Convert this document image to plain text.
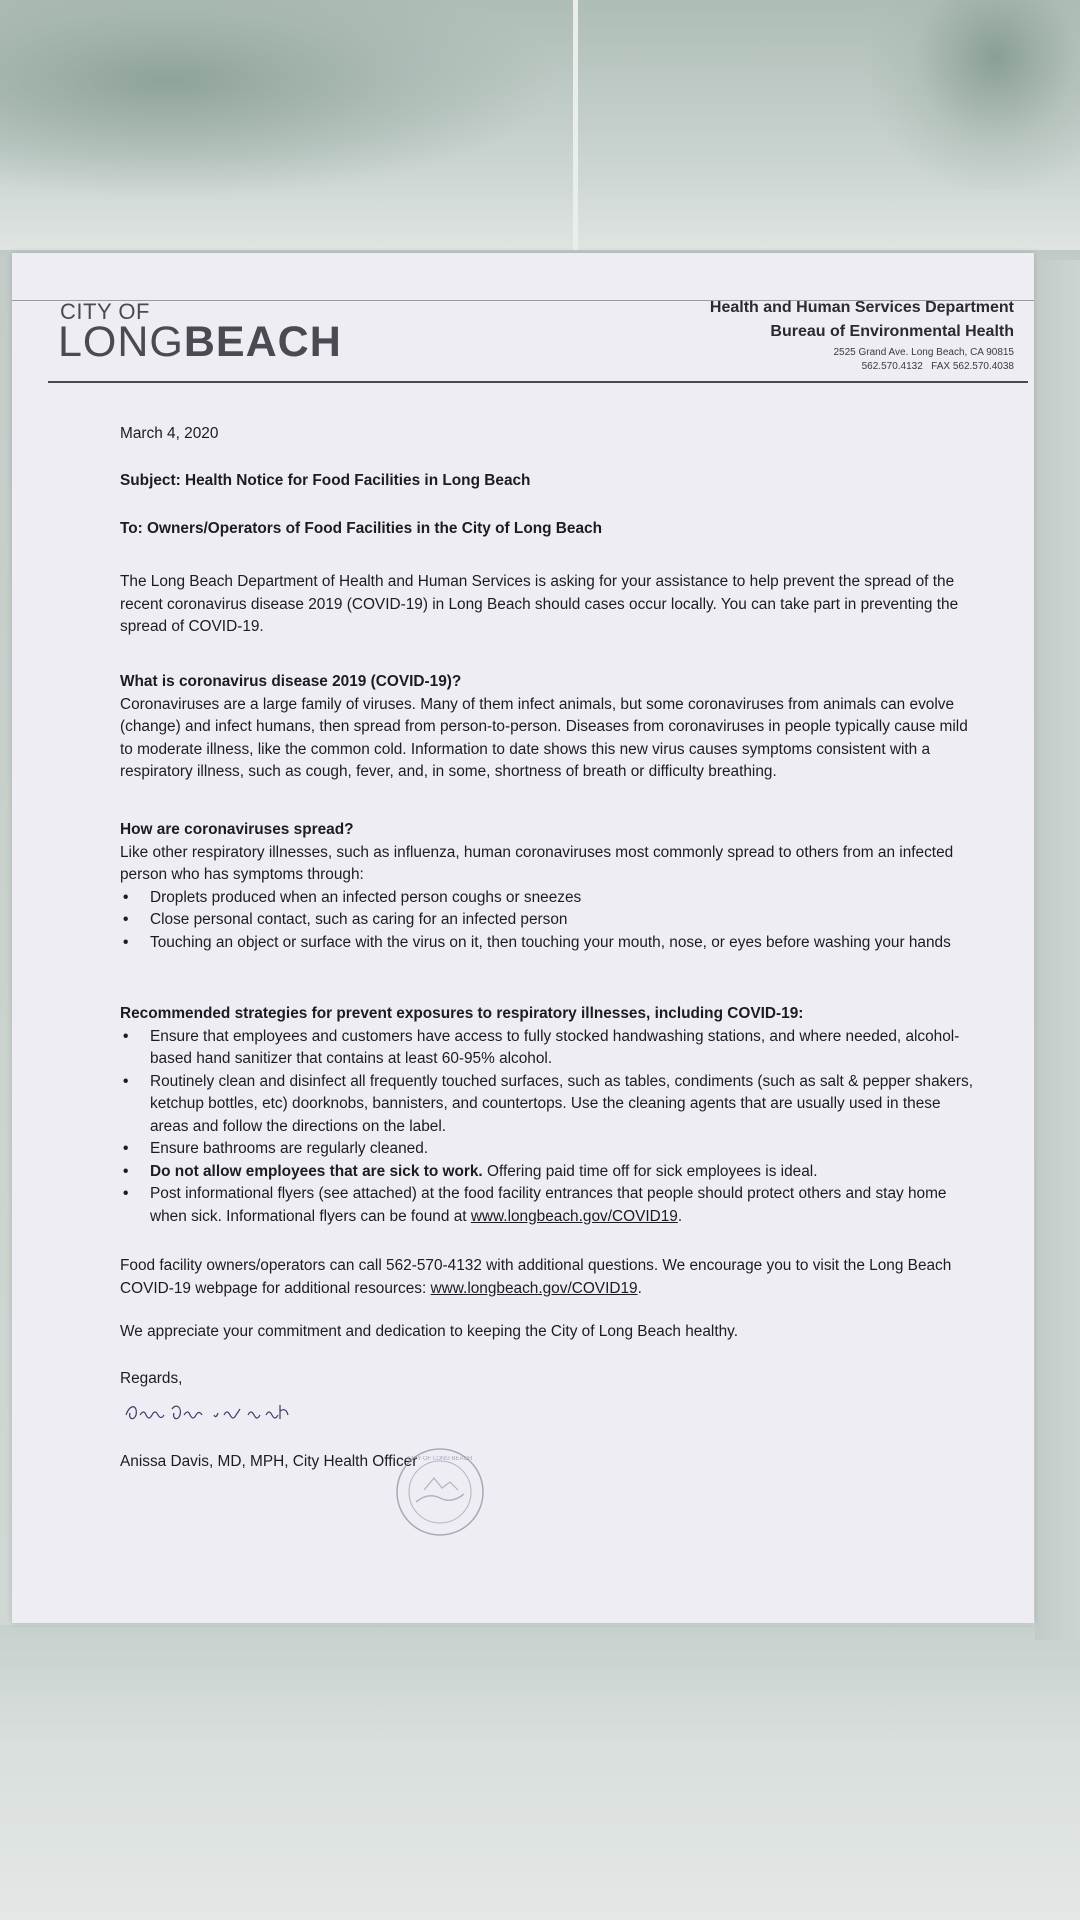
CITY OF
LONGBEACH
Health and Human Services Department
Bureau of Environmental Health
2525 Grand Ave. Long Beach, CA 90815
562.570.4132 FAX 562.570.4038
March 4, 2020
Subject: Health Notice for Food Facilities in Long Beach
To: Owners/Operators of Food Facilities in the City of Long Beach

The Long Beach Department of Health and Human Services is asking for your assistance to help prevent the spread of the recent coronavirus disease 2019 (COVID-19) in Long Beach should cases occur locally. You can take part in preventing the spread of COVID-19.

What is coronavirus disease 2019 (COVID-19)?

Coronaviruses are a large family of viruses. Many of them infect animals, but some coronaviruses from animals can evolve (change) and infect humans, then spread from person-to-person. Diseases from coronaviruses in people typically cause mild to moderate illness, like the common cold. Information to date shows this new virus causes symptoms consistent with a respiratory illness, such as cough, fever, and, in some, shortness of breath or difficulty breathing.

How are coronaviruses spread?

Like other respiratory illnesses, such as influenza, human coronaviruses most commonly spread to others from an infected person who has symptoms through:

• Droplets produced when an infected person coughs or sneezes
• Close personal contact, such as caring for an infected person
• Touching an object or surface with the virus on it, then touching your mouth, nose, or eyes before washing your hands
Recommended strategies for prevent exposures to respiratory illnesses, including COVID-19:
• Ensure that employees and customers have access to fully stocked handwashing stations, and where needed, alcohol-based hand sanitizer that contains at least 60-95% alcohol.
• Routinely clean and disinfect all frequently touched surfaces, such as tables, condiments (such as salt & pepper shakers, ketchup bottles, etc) doorknobs, bannisters, and countertops. Use the cleaning agents that are usually used in these areas and follow the directions on the label.
• Ensure bathrooms are regularly cleaned.
• Do not allow employees that are sick to work. Offering paid time off for sick employees is ideal.
• Post informational flyers (see attached) at the food facility entrances that people should protect others and stay home when sick. Informational flyers can be found at www.longbeach.gov/COVID19.

Food facility owners/operators can call 562-570-4132 with additional questions. We encourage you to visit the Long Beach COVID-19 webpage for additional resources: www.longbeach.gov/COVID19.

We appreciate your commitment and dedication to keeping the City of Long Beach healthy.
Regards,
Anissa Davis, MD, MPH, City Health Officer
CITY OF LONG BEACH
